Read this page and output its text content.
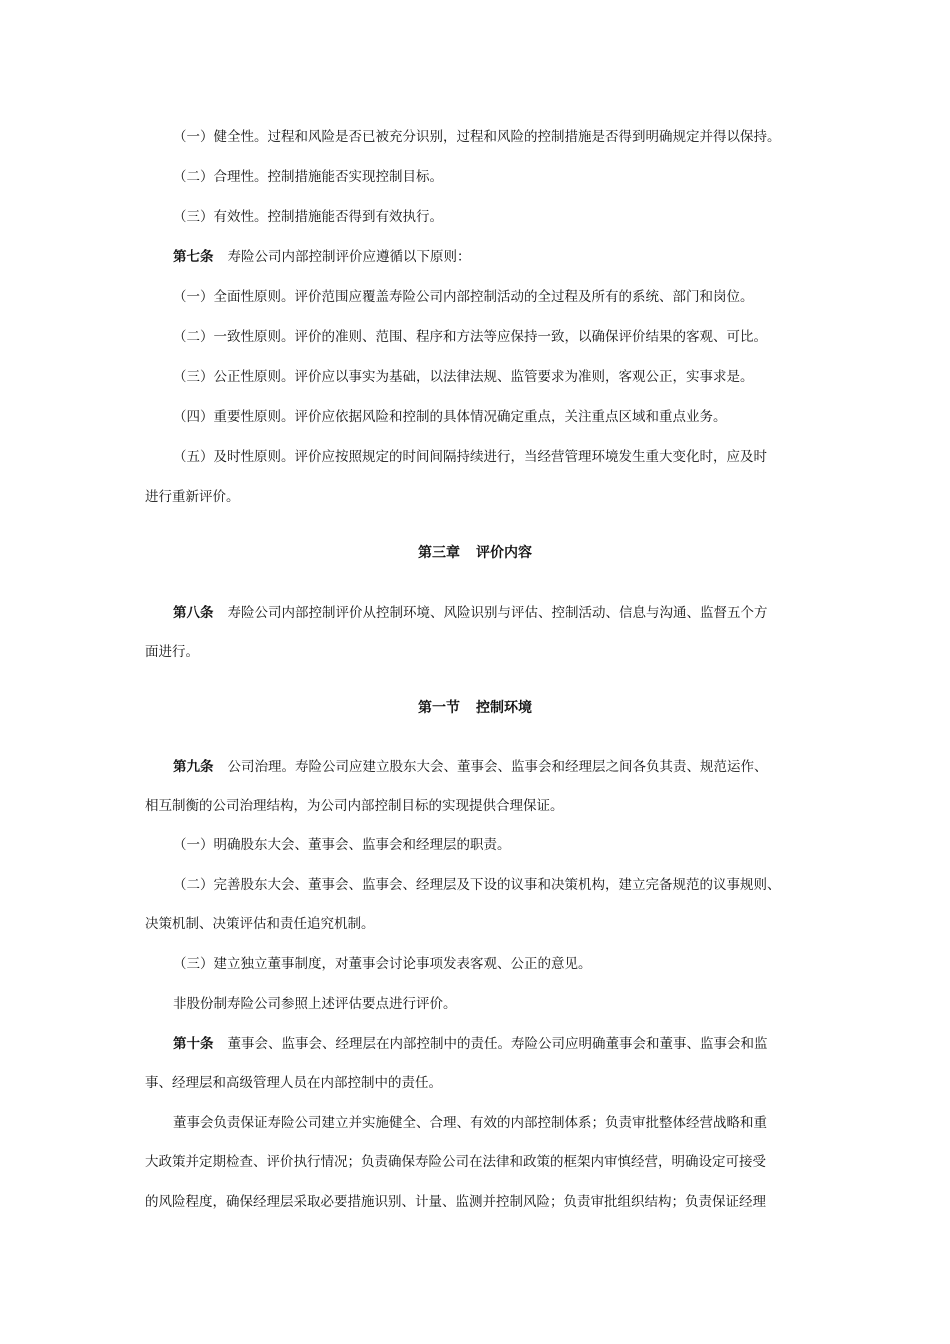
（一）健全性。过程和风险是否已被充分识别，过程和风险的控制措施是否得到明确规定并得以保持。
（二）合理性。控制措施能否实现控制目标。
（三）有效性。控制措施能否得到有效执行。
第七条 寿险公司内部控制评价应遵循以下原则：
（一）全面性原则。评价范围应覆盖寿险公司内部控制活动的全过程及所有的系统、部门和岗位。
（二）一致性原则。评价的准则、范围、程序和方法等应保持一致，以确保评价结果的客观、可比。
（三）公正性原则。评价应以事实为基础，以法律法规、监管要求为准则，客观公正，实事求是。
（四）重要性原则。评价应依据风险和控制的具体情况确定重点，关注重点区域和重点业务。
（五）及时性原则。评价应按照规定的时间间隔持续进行，当经营管理环境发生重大变化时，应及时
进行重新评价。
第三章 评价内容
第八条 寿险公司内部控制评价从控制环境、风险识别与评估、控制活动、信息与沟通、监督五个方
面进行。
第一节 控制环境
第九条 公司治理。寿险公司应建立股东大会、董事会、监事会和经理层之间各负其责、规范运作、
相互制衡的公司治理结构，为公司内部控制目标的实现提供合理保证。
（一）明确股东大会、董事会、监事会和经理层的职责。
（二）完善股东大会、董事会、监事会、经理层及下设的议事和决策机构，建立完备规范的议事规则、
决策机制、决策评估和责任追究机制。
（三）建立独立董事制度，对董事会讨论事项发表客观、公正的意见。
非股份制寿险公司参照上述评估要点进行评价。
第十条 董事会、监事会、经理层在内部控制中的责任。寿险公司应明确董事会和董事、监事会和监
事、经理层和高级管理人员在内部控制中的责任。
董事会负责保证寿险公司建立并实施健全、合理、有效的内部控制体系；负责审批整体经营战略和重
大政策并定期检查、评价执行情况；负责确保寿险公司在法律和政策的框架内审慎经营，明确设定可接受
的风险程度，确保经理层采取必要措施识别、计量、监测并控制风险；负责审批组织结构；负责保证经理
